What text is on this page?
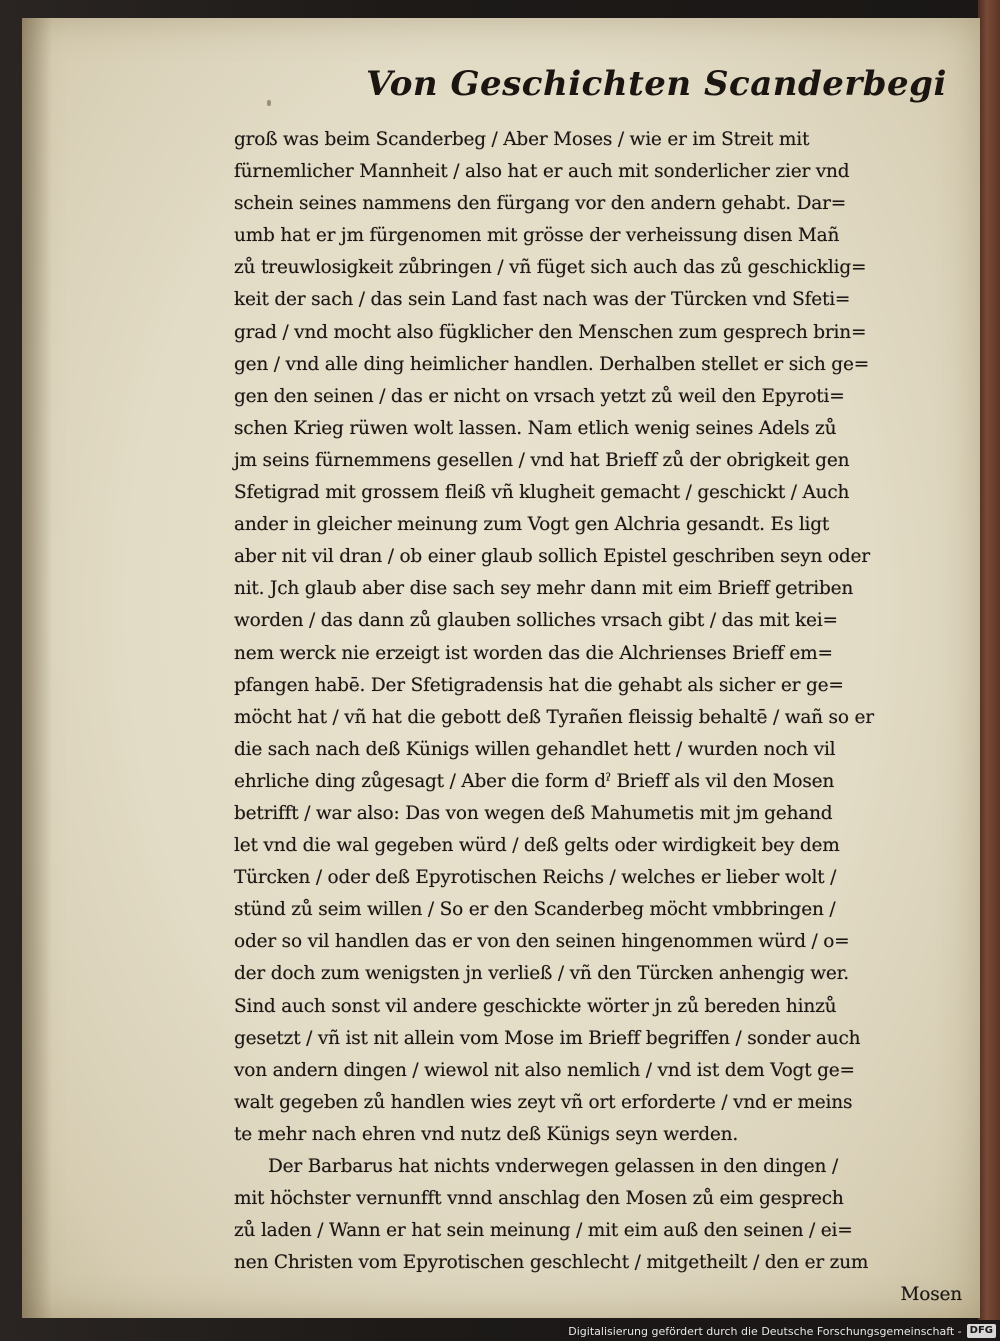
Von Geschichten Scanderbegi
groß was beim Scanderbeg / Aber Moses / wie er im Streit mit
fürnemlicher Mannheit / also hat er auch mit sonderlicher zier vnd
schein seines nammens den fürgang vor den andern gehabt. Dar=
umb hat er jm fürgenomen mit grösse der verheissung disen Mañ
zů treuwlosigkeit zůbringen / vñ füget sich auch das zů geschicklig=
keit der sach / das sein Land fast nach was der Türcken vnd Sfeti=
grad / vnd mocht also fügklicher den Menschen zum gesprech brin=
gen / vnd alle ding heimlicher handlen. Derhalben stellet er sich ge=
gen den seinen / das er nicht on vrsach yetzt zů weil den Epyroti=
schen Krieg rüwen wolt lassen. Nam etlich wenig seines Adels zů
jm seins fürnemmens gesellen / vnd hat Brieff zů der obrigkeit gen
Sfetigrad mit grossem fleiß vñ klugheit gemacht / geschickt / Auch
ander in gleicher meinung zum Vogt gen Alchria gesandt. Es ligt
aber nit vil dran / ob einer glaub sollich Epistel geschriben seyn oder
nit. Jch glaub aber dise sach sey mehr dann mit eim Brieff getriben
worden / das dann zů glauben solliches vrsach gibt / das mit kei=
nem werck nie erzeigt ist worden das die Alchrienses Brieff em=
pfangen habē. Der Sfetigradensis hat die gehabt als sicher er ge=
möcht hat / vñ hat die gebott deß Tyrañen fleissig behaltē / wañ so er
die sach nach deß Künigs willen gehandlet hett / wurden noch vil
ehrliche ding zůgesagt / Aber die form dˀ Brieff als vil den Mosen
betrifft / war also: Das von wegen deß Mahumetis mit jm gehand
let vnd die wal gegeben würd / deß gelts oder wirdigkeit bey dem
Türcken / oder deß Epyrotischen Reichs / welches er lieber wolt /
stünd zů seim willen / So er den Scanderbeg möcht vmbbringen /
oder so vil handlen das er von den seinen hingenommen würd / o=
der doch zum wenigsten jn verließ / vñ den Türcken anhengig wer.
Sind auch sonst vil andere geschickte wörter jn zů bereden hinzů
gesetzt / vñ ist nit allein vom Mose im Brieff begriffen / sonder auch
von andern dingen / wiewol nit also nemlich / vnd ist dem Vogt ge=
walt gegeben zů handlen wies zeyt vñ ort erforderte / vnd er meins
te mehr nach ehren vnd nutz deß Künigs seyn werden.
Der Barbarus hat nichts vnderwegen gelassen in den dingen /
mit höchster vernunfft vnnd anschlag den Mosen zů eim gesprech
zů laden / Wann er hat sein meinung / mit eim auß den seinen / ei=
nen Christen vom Epyrotischen geschlecht / mitgetheilt / den er zum
Mosen
Digitalisierung gefördert durch die Deutsche Forschungsgemeinschaft - DFG
